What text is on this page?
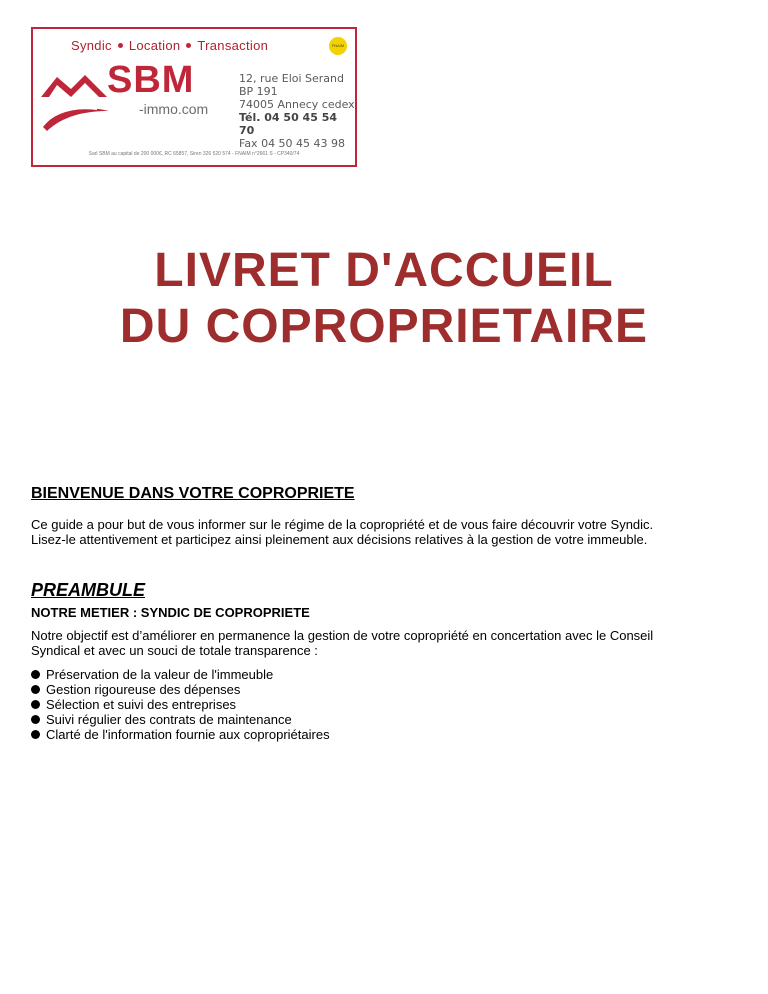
Syndic Location Transaction	FNAIM
SBM
-immo.com
12, rue Eloi Serand
BP 191
74005 Annecy cedex
Tél. 04 50 45 54 70
Fax 04 50 45 43 98
Sarl SBM au capital de 200 000€, RC 65857, Siren 326 520 574 - FNAIM n°2661 S - CP340/74
LIVRET D'ACCUEIL
DU COPROPRIETAIRE
BIENVENUE DANS VOTRE COPROPRIETE

Ce guide a pour but de vous informer sur le régime de la copropriété et de vous faire découvrir votre Syndic.
Lisez-le attentivement et participez ainsi pleinement aux décisions relatives à la gestion de votre immeuble.

PREAMBULE
NOTRE METIER : SYNDIC DE COPROPRIETE

Notre objectif est d’améliorer en permanence la gestion de votre copropriété en concertation avec le Conseil
Syndical et avec un souci de totale transparence :

Préservation de la valeur de l'immeuble
Gestion rigoureuse des dépenses
Sélection et suivi des entreprises
Suivi régulier des contrats de maintenance
Clarté de l'information fournie aux copropriétaires
